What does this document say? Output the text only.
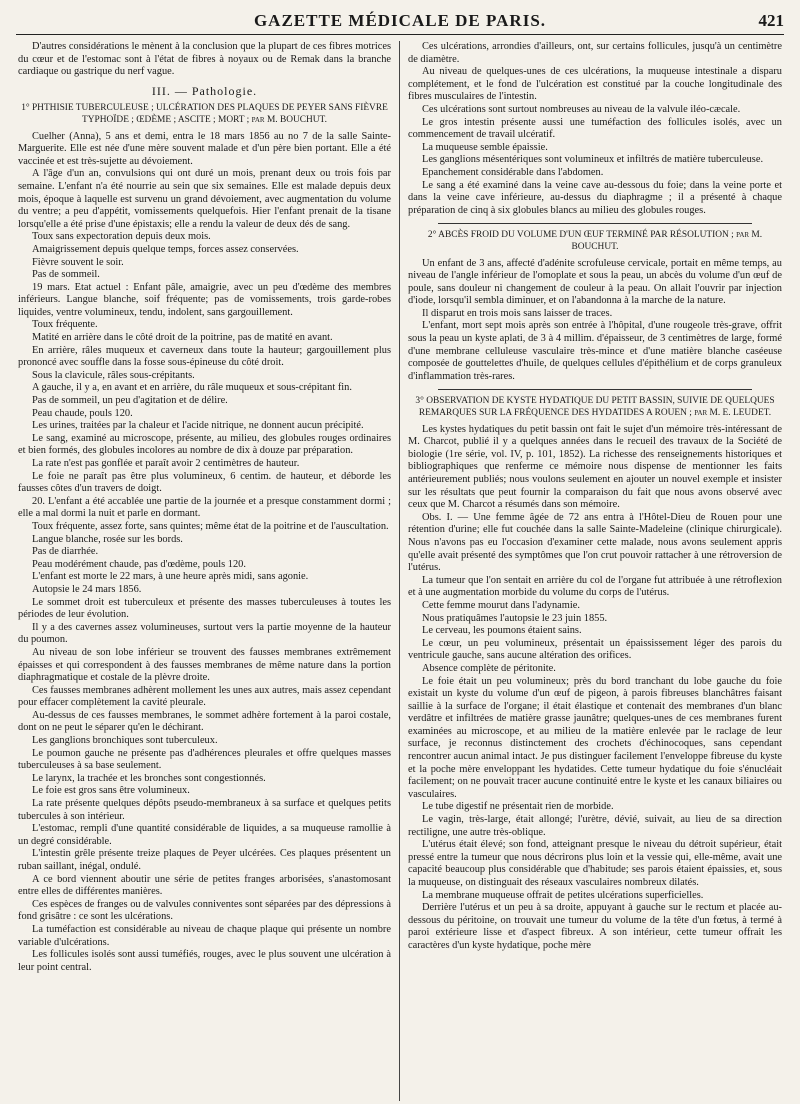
GAZETTE MÉDICALE DE PARIS.	421

D'autres considérations le mènent à la conclusion que la plupart de ces fibres motrices du cœur et de l'estomac sont à l'état de fibres à noyaux ou de Remak dans la branche cardiaque ou gastrique du nerf vague.

III. — Pathologie.
1° PHTHISIE TUBERCULEUSE ; ULCÉRATION DES PLAQUES DE PEYER SANS FIÈVRE TYPHOÏDE ; ŒDÈME ; ASCITE ; MORT ; par M. BOUCHUT.

Cuelher (Anna), 5 ans et demi, entra le 18 mars 1856 au no 7 de la salle Sainte-Marguerite. Elle est née d'une mère souvent malade et d'un père bien portant. Elle a été vaccinée et est très-sujette au dévoiement.

A l'âge d'un an, convulsions qui ont duré un mois, prenant deux ou trois fois par semaine. L'enfant n'a été nourrie au sein que six semaines. Elle est malade depuis deux mois, époque à laquelle est survenu un grand dévoiement, avec augmentation du volume du ventre; a peu d'appétit, vomissements quelquefois. Hier l'enfant prenait de la tisane lorsqu'elle a été prise d'une épistaxis; elle a rendu la valeur de deux dés de sang.

Toux sans expectoration depuis deux mois.

Amaigrissement depuis quelque temps, forces assez conservées.

Fièvre souvent le soir.

Pas de sommeil.

19 mars. Etat actuel : Enfant pâle, amaigrie, avec un peu d'œdème des membres inférieurs. Langue blanche, soif fréquente; pas de vomissements, trois garde-robes liquides, ventre volumineux, tendu, indolent, sans gargouillement.

Toux fréquente.

Matité en arrière dans le côté droit de la poitrine, pas de matité en avant.

En arrière, râles muqueux et caverneux dans toute la hauteur; gargouillement plus prononcé avec souffle dans la fosse sous-épineuse du côté droit.

Sous la clavicule, râles sous-crépitants.

A gauche, il y a, en avant et en arrière, du râle muqueux et sous-crépitant fin.

Pas de sommeil, un peu d'agitation et de délire.

Peau chaude, pouls 120.

Les urines, traitées par la chaleur et l'acide nitrique, ne donnent aucun précipité.

Le sang, examiné au microscope, présente, au milieu, des globules rouges ordinaires et bien formés, des globules incolores au nombre de dix à douze par préparation.

La rate n'est pas gonflée et paraît avoir 2 centimètres de hauteur.

Le foie ne paraît pas être plus volumineux, 6 centim. de hauteur, et déborde les fausses côtes d'un travers de doigt.

20. L'enfant a été accablée une partie de la journée et a presque constamment dormi ; elle a mal dormi la nuit et parle en dormant.

Toux fréquente, assez forte, sans quintes; même état de la poitrine et de l'auscultation.

Langue blanche, rosée sur les bords.

Pas de diarrhée.

Peau modérément chaude, pas d'œdème, pouls 120.

L'enfant est morte le 22 mars, à une heure après midi, sans agonie.

Autopsie le 24 mars 1856.

Le sommet droit est tuberculeux et présente des masses tuberculeuses à toutes les périodes de leur évolution.

Il y a des cavernes assez volumineuses, surtout vers la partie moyenne de la hauteur du poumon.

Au niveau de son lobe inférieur se trouvent des fausses membranes extrêmement épaisses et qui correspondent à des fausses membranes de même nature dans la portion diaphragmatique et costale de la plèvre droite.

Ces fausses membranes adhèrent mollement les unes aux autres, mais assez cependant pour effacer complètement la cavité pleurale.

Au-dessus de ces fausses membranes, le sommet adhère fortement à la paroi costale, dont on ne peut le séparer qu'en le déchirant.

Les ganglions bronchiques sont tuberculeux.

Le poumon gauche ne présente pas d'adhérences pleurales et offre quelques masses tuberculeuses à sa base seulement.

Le larynx, la trachée et les bronches sont congestionnés.

Le foie est gros sans être volumineux.

La rate présente quelques dépôts pseudo-membraneux à sa surface et quelques petits tubercules à son intérieur.

L'estomac, rempli d'une quantité considérable de liquides, a sa muqueuse ramollie à un degré considérable.

L'intestin grêle présente treize plaques de Peyer ulcérées. Ces plaques présentent un ruban saillant, inégal, ondulé.

A ce bord viennent aboutir une série de petites franges arborisées, s'anastomosant entre elles de différentes manières.

Ces espèces de franges ou de valvules conniventes sont séparées par des dépressions à fond grisâtre : ce sont les ulcérations.

La tuméfaction est considérable au niveau de chaque plaque qui présente un nombre variable d'ulcérations.

Les follicules isolés sont aussi tuméfiés, rouges, avec le plus souvent une ulcération à leur point central.

Ces ulcérations, arrondies d'ailleurs, ont, sur certains follicules, jusqu'à un centimètre de diamètre.

Au niveau de quelques-unes de ces ulcérations, la muqueuse intestinale a disparu complétement, et le fond de l'ulcération est constitué par la couche longitudinale des fibres musculaires de l'intestin.

Ces ulcérations sont surtout nombreuses au niveau de la valvule iléo-cæcale.

Le gros intestin présente aussi une tuméfaction des follicules isolés, avec un commencement de travail ulcératif.

La muqueuse semble épaissie.

Les ganglions mésentériques sont volumineux et infiltrés de matière tuberculeuse.

Epanchement considérable dans l'abdomen.

Le sang a été examiné dans la veine cave au-dessous du foie; dans la veine porte et dans la veine cave inférieure, au-dessus du diaphragme ; il a présenté à chaque préparation de cinq à six globules blancs au milieu des globules rouges.

2° ABCÈS FROID DU VOLUME D'UN ŒUF TERMINÉ PAR RÉSOLUTION ; par M. BOUCHUT.

Un enfant de 3 ans, affecté d'adénite scrofuleuse cervicale, portait en même temps, au niveau de l'angle inférieur de l'omoplate et sous la peau, un abcès du volume d'un œuf de poule, sans douleur ni changement de couleur à la peau. On allait l'ouvrir par injection d'iode, lorsqu'il sembla diminuer, et on l'abandonna à la marche de la nature.

Il disparut en trois mois sans laisser de traces.

L'enfant, mort sept mois après son entrée à l'hôpital, d'une rougeole très-grave, offrit sous la peau un kyste aplati, de 3 à 4 millim. d'épaisseur, de 3 centimètres de large, formé d'une membrane celluleuse vasculaire très-mince et d'une matière blanche caséeuse composée de gouttelettes d'huile, de quelques cellules d'épithélium et de corps granuleux d'inflammation très-rares.

3° OBSERVATION DE KYSTE HYDATIQUE DU PETIT BASSIN, SUIVIE DE QUELQUES REMARQUES SUR LA FRÉQUENCE DES HYDATIDES A ROUEN ; par M. E. LEUDET.

Les kystes hydatiques du petit bassin ont fait le sujet d'un mémoire très-intéressant de M. Charcot, publié il y a quelques années dans le recueil des travaux de la Société de biologie (1re série, vol. IV, p. 101, 1852). La richesse des renseignements historiques et bibliographiques que renferme ce mémoire nous dispense de mentionner les faits antérieurement publiés; nous voulons seulement en ajouter un nouvel exemple et insister sur les résultats que peut fournir la comparaison du fait que nous avons observé avec ceux que M. Charcot a résumés dans son mémoire.

Obs. I. — Une femme âgée de 72 ans entra à l'Hôtel-Dieu de Rouen pour une rétention d'urine; elle fut couchée dans la salle Sainte-Madeleine (clinique chirurgicale). Nous n'avons pas eu l'occasion d'examiner cette malade, nous avons seulement appris qu'elle avait présenté des symptômes que l'on crut pouvoir rattacher à une rétroversion de l'utérus.

La tumeur que l'on sentait en arrière du col de l'organe fut attribuée à une rétroflexion et à une augmentation morbide du volume du corps de l'utérus.

Cette femme mourut dans l'adynamie.

Nous pratiquâmes l'autopsie le 23 juin 1855.

Le cerveau, les poumons étaient sains.

Le cœur, un peu volumineux, présentait un épaississement léger des parois du ventricule gauche, sans aucune altération des orifices.

Absence complète de péritonite.

Le foie était un peu volumineux; près du bord tranchant du lobe gauche du foie existait un kyste du volume d'un œuf de pigeon, à parois fibreuses blanchâtres faisant saillie à la surface de l'organe; il était élastique et contenait des membranes d'un blanc verdâtre et infiltrées de matière grasse jaunâtre; quelques-unes de ces membranes furent examinées au microscope, et au milieu de la matière enlevée par le raclage de leur surface, je reconnus distinctement des crochets d'échinocoques, sans cependant rencontrer aucun animal intact. Je pus distinguer facilement l'enveloppe fibreuse du kyste et la poche mère enveloppant les hydatides. Cette tumeur hydatique du foie s'énucléait facilement; on ne pouvait tracer aucune continuité entre le kyste et les canaux biliaires ou vasculaires.

Le tube digestif ne présentait rien de morbide.

Le vagin, très-large, était allongé; l'urètre, dévié, suivait, au lieu de sa direction rectiligne, une autre très-oblique.

L'utérus était élevé; son fond, atteignant presque le niveau du détroit supérieur, était pressé entre la tumeur que nous décrirons plus loin et la vessie qui, elle-même, avait une capacité beaucoup plus considérable que d'habitude; ses parois étaient épaissies, et, sous la muqueuse, on distinguait des réseaux vasculaires nombreux dilatés.

La membrane muqueuse offrait de petites ulcérations superficielles.

Derrière l'utérus et un peu à sa droite, appuyant à gauche sur le rectum et placée au-dessous du péritoine, on trouvait une tumeur du volume de la tête d'un fœtus, à termé à paroi extérieure lisse et d'aspect fibreux. A son intérieur, cette tumeur offrait les caractères d'un kyste hydatique, poche mère
